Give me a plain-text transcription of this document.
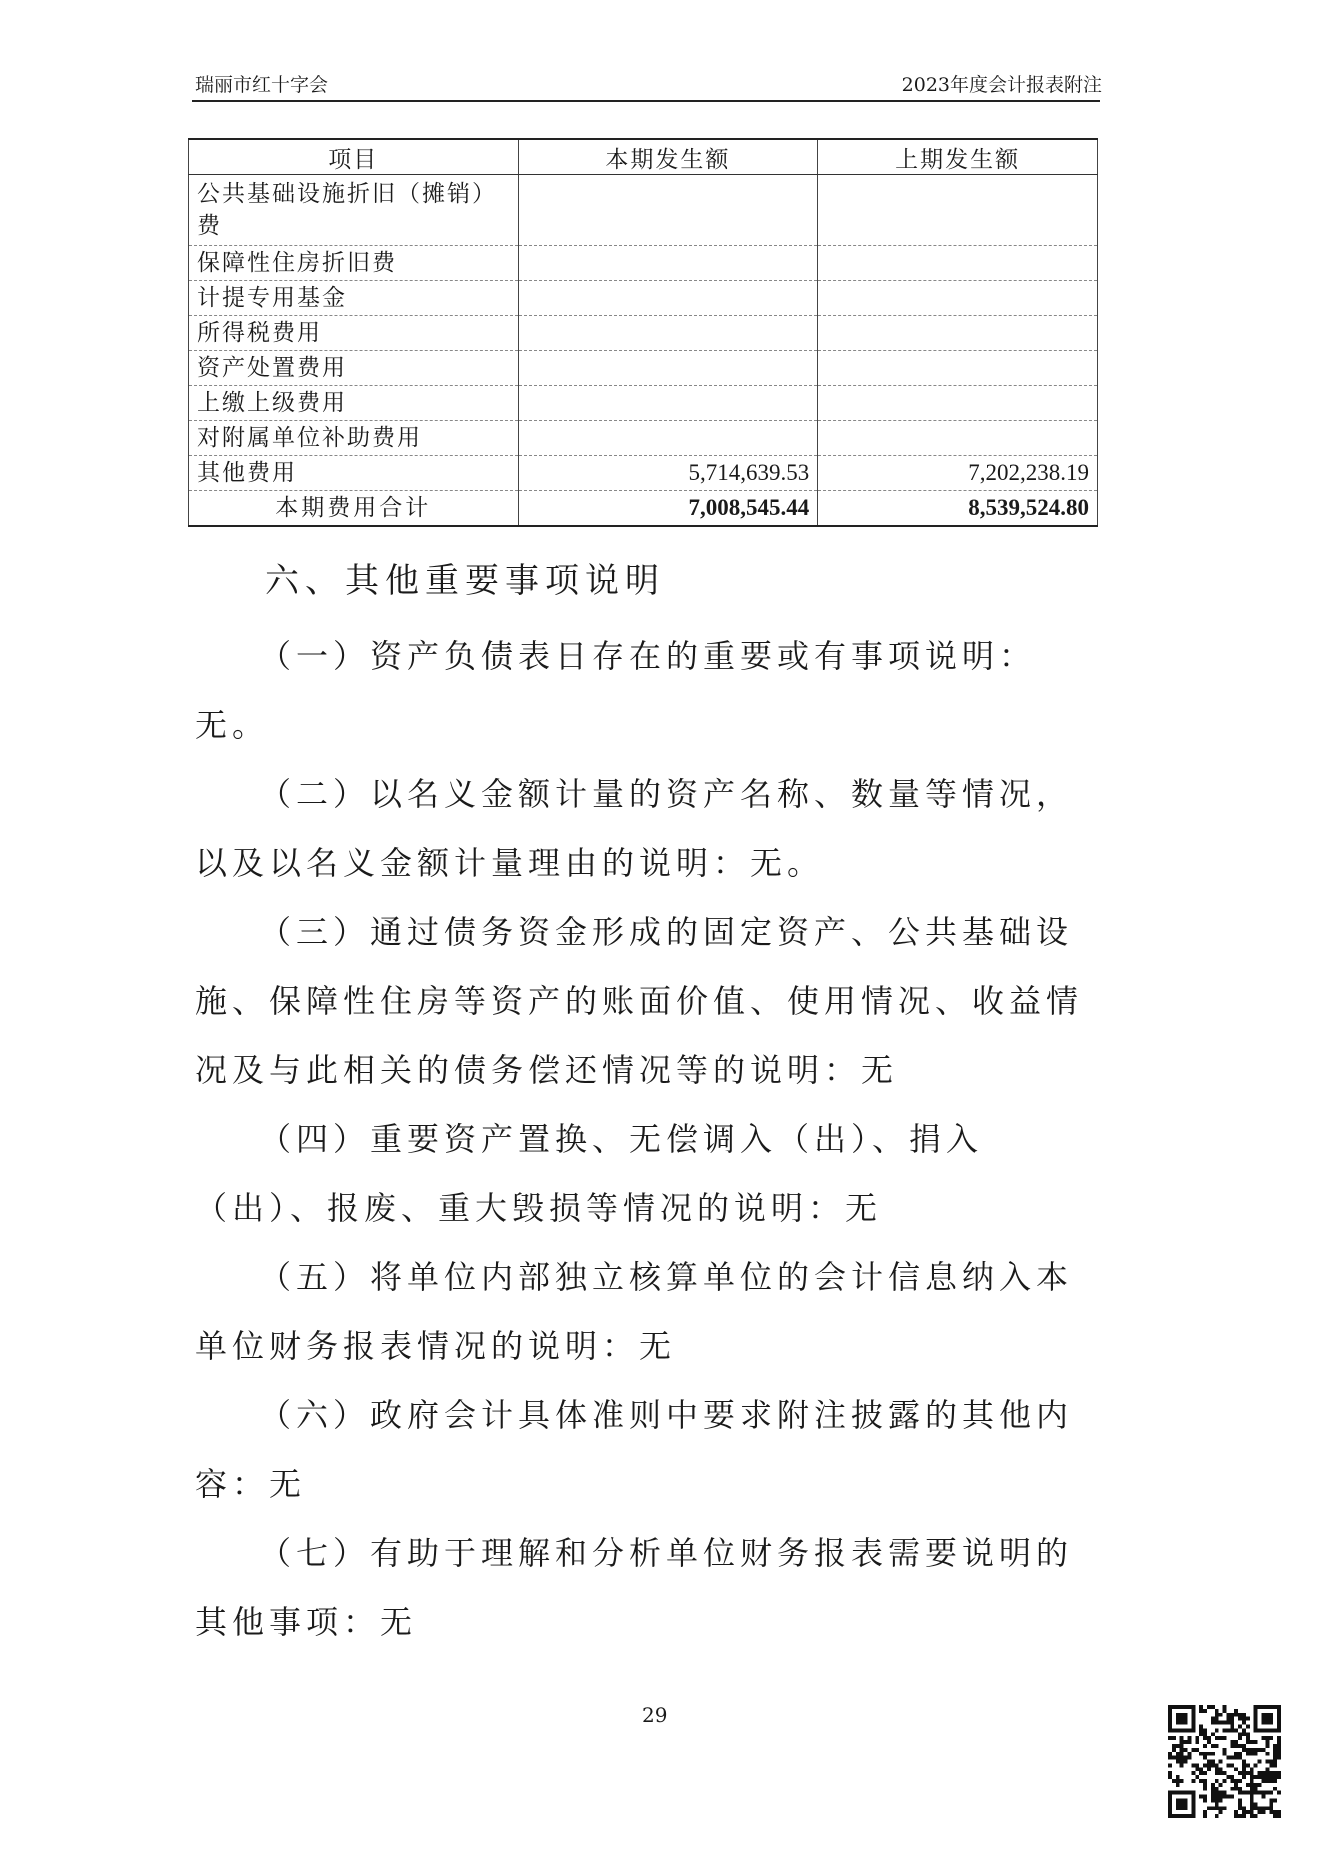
瑞丽市红十字会	2023年度会计报表附注
项目	本期发生额	上期发生额
公共基础设施折旧（摊销）费		
保障性住房折旧费		
计提专用基金		
所得税费用		
资产处置费用		
上缴上级费用		
对附属单位补助费用		
其他费用	5,714,639.53	7,202,238.19
本期费用合计	7,008,545.44	8,539,524.80
六、其他重要事项说明

（一）资产负债表日存在的重要或有事项说明：无。

（二）以名义金额计量的资产名称、数量等情况，以及以名义金额计量理由的说明：无。

（三）通过债务资金形成的固定资产、公共基础设施、保障性住房等资产的账面价值、使用情况、收益情况及与此相关的债务偿还情况等的说明：无

（四）重要资产置换、无偿调入（出）、捐入（出）、报废、重大毁损等情况的说明：无

（五）将单位内部独立核算单位的会计信息纳入本单位财务报表情况的说明：无

（六）政府会计具体准则中要求附注披露的其他内容：无

（七）有助于理解和分析单位财务报表需要说明的其他事项：无

29
